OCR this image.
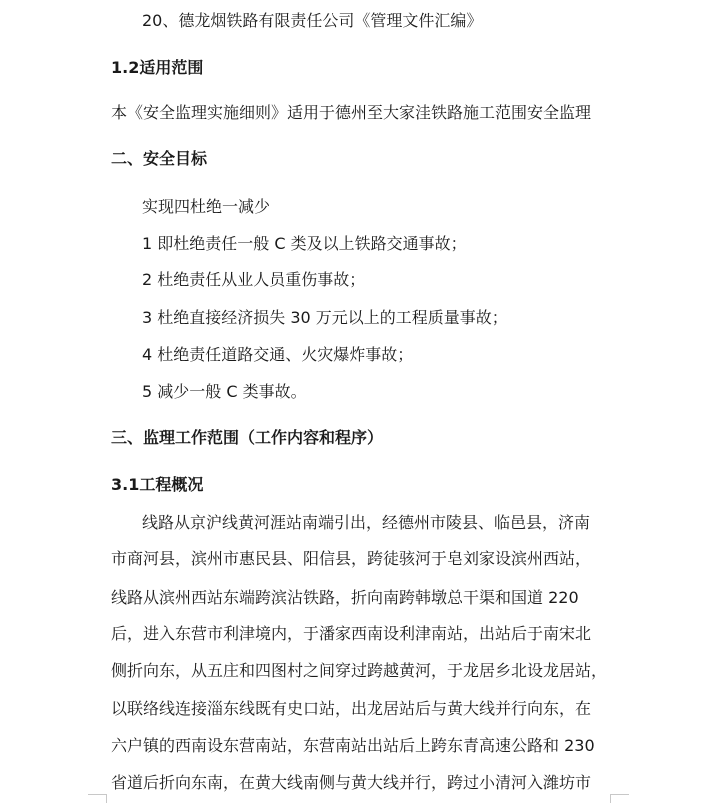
20、德龙烟铁路有限责任公司《管理文件汇编》
1.2适用范围
本《安全监理实施细则》适用于德州至大家洼铁路施工范围安全监理
二、安全目标
实现四杜绝一减少
1 即杜绝责任一般 C 类及以上铁路交通事故；
2 杜绝责任从业人员重伤事故；
3 杜绝直接经济损失 30 万元以上的工程质量事故；
4 杜绝责任道路交通、火灾爆炸事故；
5 减少一般 C 类事故。
三、监理工作范围（工作内容和程序）
3.1工程概况
线路从京沪线黄河涯站南端引出，经德州市陵县、临邑县，济南
市商河县，滨州市惠民县、阳信县，跨徒骇河于皂刘家设滨州西站，
线路从滨州西站东端跨滨沾铁路，折向南跨韩墩总干渠和国道 220
后，进入东营市利津境内，于潘家西南设利津南站，出站后于南宋北
侧折向东，从五庄和四图村之间穿过跨越黄河，于龙居乡北设龙居站，
以联络线连接淄东线既有史口站，出龙居站后与黄大线并行向东，在
六户镇的西南设东营南站，东营南站出站后上跨东青高速公路和 230
省道后折向东南，在黄大线南侧与黄大线并行，跨过小清河入潍坊市
